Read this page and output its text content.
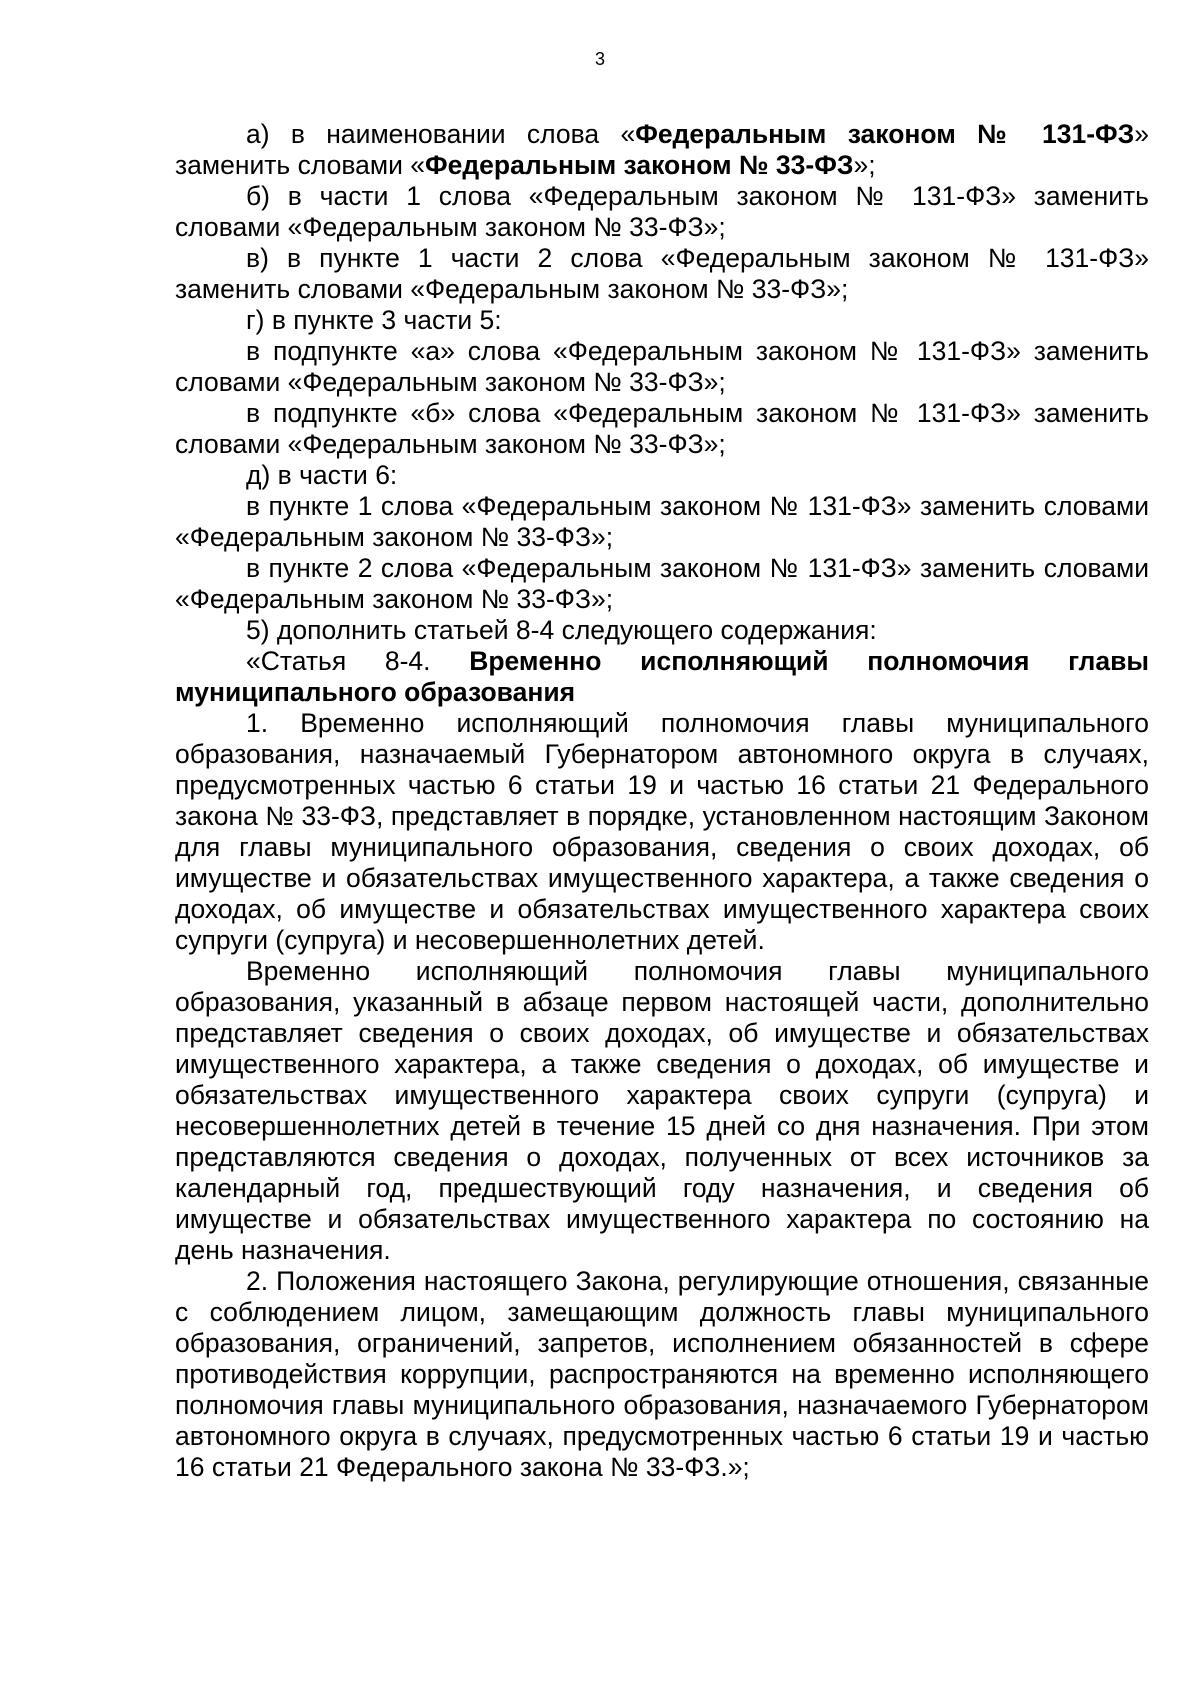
3

а) в наименовании слова «Федеральным законом № 131-ФЗ» заменить словами «Федеральным законом № 33-ФЗ»;

б) в части 1 слова «Федеральным законом № 131-ФЗ» заменить словами «Федеральным законом № 33-ФЗ»;

в) в пункте 1 части 2 слова «Федеральным законом № 131-ФЗ» заменить словами «Федеральным законом № 33-ФЗ»;

г) в пункте 3 части 5:

в подпункте «а» слова «Федеральным законом № 131-ФЗ» заменить словами «Федеральным законом № 33-ФЗ»;

в подпункте «б» слова «Федеральным законом № 131-ФЗ» заменить словами «Федеральным законом № 33-ФЗ»;

д) в части 6:

в пункте 1 слова «Федеральным законом № 131-ФЗ» заменить словами «Федеральным законом № 33-ФЗ»;

в пункте 2 слова «Федеральным законом № 131-ФЗ» заменить словами «Федеральным законом № 33-ФЗ»;

5) дополнить статьей 8-4 следующего содержания:

«Статья 8-4. Временно исполняющий полномочия главы муниципального образования

1. Временно исполняющий полномочия главы муниципального образования, назначаемый Губернатором автономного округа в случаях, предусмотренных частью 6 статьи 19 и частью 16 статьи 21 Федерального закона № 33-ФЗ, представляет в порядке, установленном настоящим Законом для главы муниципального образования, сведения о своих доходах, об имуществе и обязательствах имущественного характера, а также сведения о доходах, об имуществе и обязательствах имущественного характера своих супруги (супруга) и несовершеннолетних детей.

Временно исполняющий полномочия главы муниципального образования, указанный в абзаце первом настоящей части, дополнительно представляет сведения о своих доходах, об имуществе и обязательствах имущественного характера, а также сведения о доходах, об имуществе и обязательствах имущественного характера своих супруги (супруга) и несовершеннолетних детей в течение 15 дней со дня назначения. При этом представляются сведения о доходах, полученных от всех источников за календарный год, предшествующий году назначения, и сведения об имуществе и обязательствах имущественного характера по состоянию на день назначения.

2. Положения настоящего Закона, регулирующие отношения, связанные с соблюдением лицом, замещающим должность главы муниципального образования, ограничений, запретов, исполнением обязанностей в сфере противодействия коррупции, распространяются на временно исполняющего полномочия главы муниципального образования, назначаемого Губернатором автономного округа в случаях, предусмотренных частью 6 статьи 19 и частью 16 статьи 21 Федерального закона № 33-ФЗ.»;
